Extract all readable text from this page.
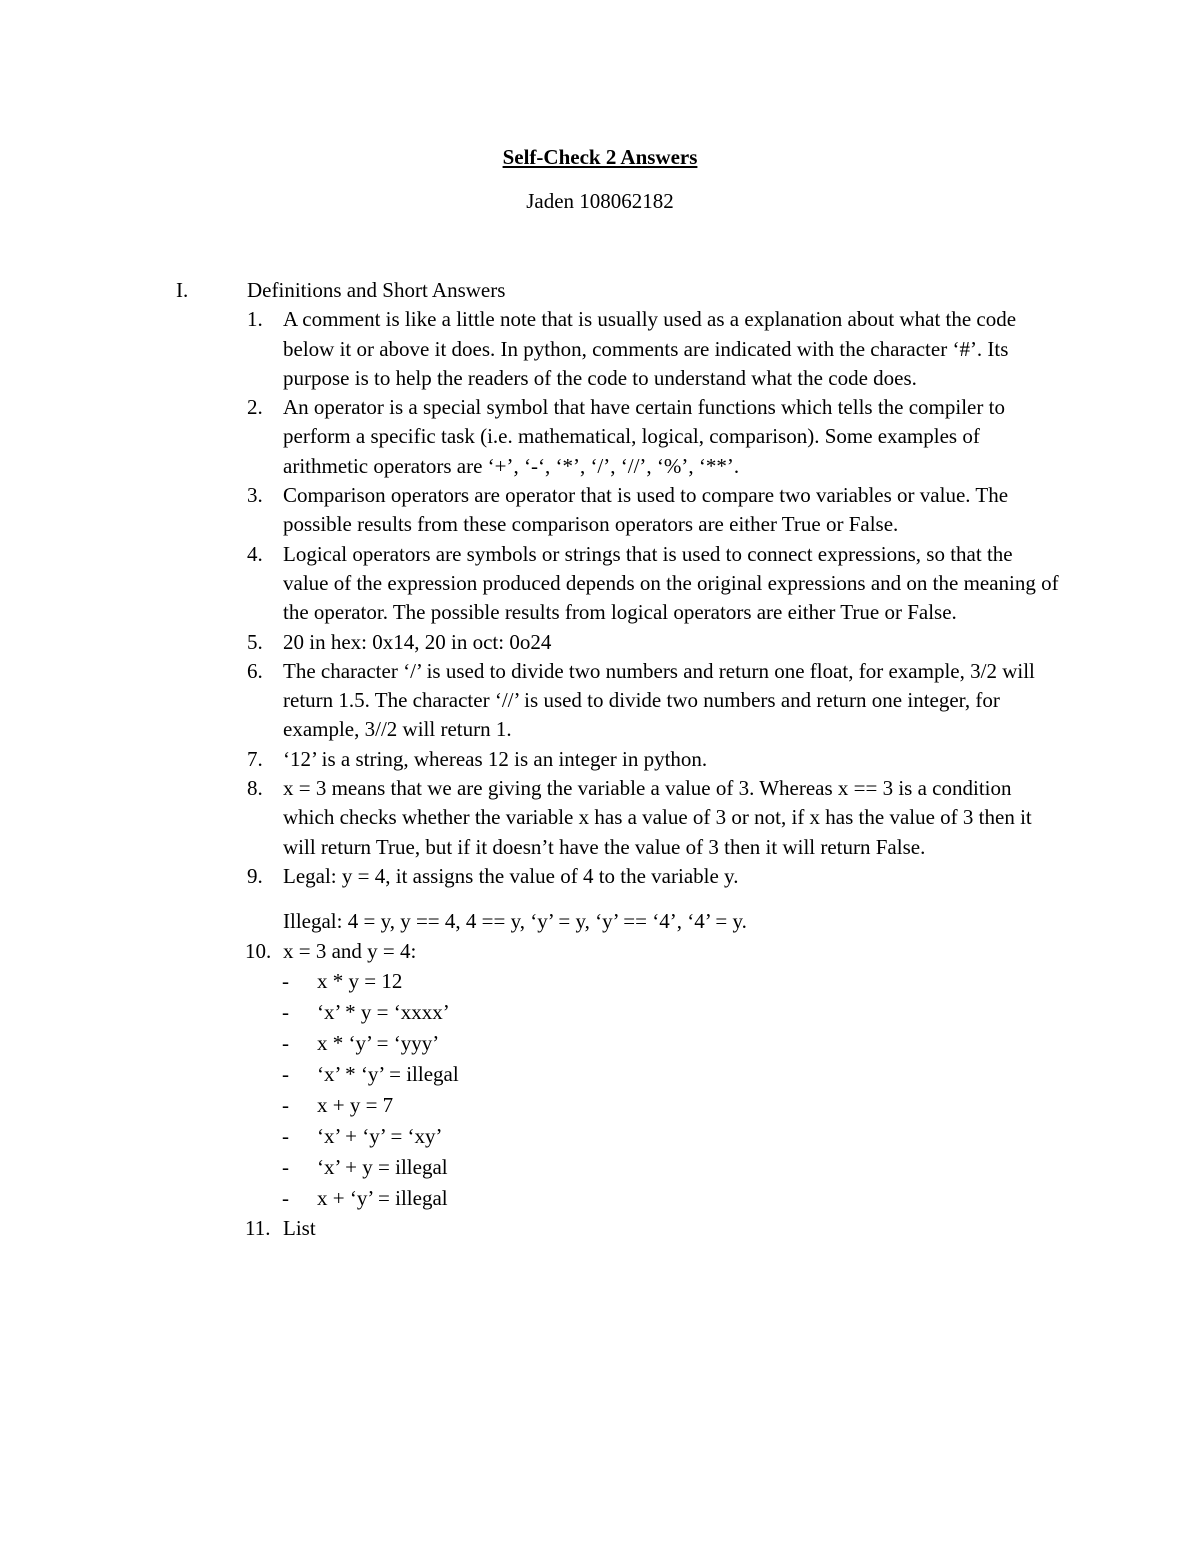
Self-Check 2 Answers
Jaden 108062182
I.	Definitions and Short Answers
1. A comment is like a little note that is usually used as a explanation about what the code below it or above it does. In python, comments are indicated with the character ‘#’. Its purpose is to help the readers of the code to understand what the code does.
2. An operator is a special symbol that have certain functions which tells the compiler to perform a specific task (i.e. mathematical, logical, comparison). Some examples of arithmetic operators are ‘+’, ‘-‘, ‘*’, ‘/’, ‘//’, ‘%’, ‘**’.
3. Comparison operators are operator that is used to compare two variables or value. The possible results from these comparison operators are either True or False.
4. Logical operators are symbols or strings that is used to connect expressions, so that the value of the expression produced depends on the original expressions and on the meaning of the operator. The possible results from logical operators are either True or False.
5. 20 in hex: 0x14, 20 in oct: 0o24
6. The character ‘/’ is used to divide two numbers and return one float, for example, 3/2 will return 1.5. The character ‘//’ is used to divide two numbers and return one integer, for example, 3//2 will return 1.
7. ‘12’ is a string, whereas 12 is an integer in python.
8. x = 3 means that we are giving the variable a value of 3. Whereas x == 3 is a condition which checks whether the variable x has a value of 3 or not, if x has the value of 3 then it will return True, but if it doesn’t have the value of 3 then it will return False.
9. Legal: y = 4, it assigns the value of 4 to the variable y.
Illegal: 4 = y, y == 4, 4 == y, ‘y’ = y, ‘y’ == ‘4’, ‘4’ = y.
10. x = 3 and y = 4:
- x * y = 12
- ‘x’ * y = ‘xxxx’
- x * ‘y’ = ‘yyy’
- ‘x’ * ‘y’ = illegal
- x + y = 7
- ‘x’ + ‘y’ = ‘xy’
- ‘x’ + y = illegal
- x + ‘y’ = illegal
11. List
